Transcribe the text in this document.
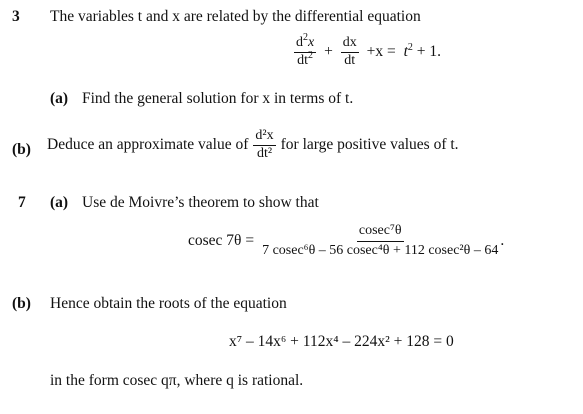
3 The variables t and x are related by the differential equation
$\frac{d^2x}{dt^2} + \frac{dx}{dt} +x = t^2 + 1$.
(a) Find the general solution for x in terms of t.
(b) Deduce an approximate value of $\frac{\text{d²x}}{\text{dt²}}$ for large positive values of t.
7 (a) Use de Moivre’s theorem to show that
cosec $7\theta = \frac{\text{cosec⁷θ}}{\text{7 cosec⁶θ – 56 cosec⁴θ + 112 cosec²θ – 64}}$ .
(b) Hence obtain the roots of the equation
x⁷ – 14x⁶ + 112x⁴ – 224x² + 128 = 0
in the form cosec qπ, where q is rational.
